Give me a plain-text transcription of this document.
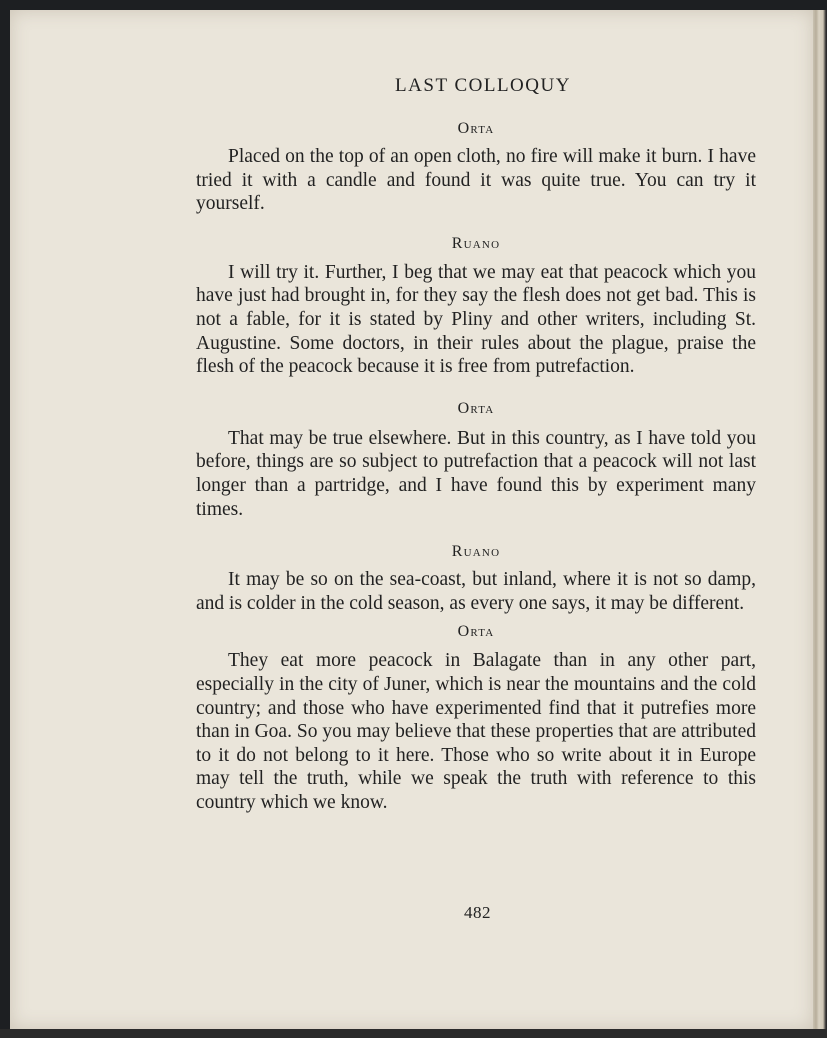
LAST COLLOQUY
Orta

Placed on the top of an open cloth, no fire will make it burn. I have tried it with a candle and found it was quite true. You can try it yourself.

Ruano

I will try it. Further, I beg that we may eat that peacock which you have just had brought in, for they say the flesh does not get bad. This is not a fable, for it is stated by Pliny and other writers, including St. Augustine. Some doctors, in their rules about the plague, praise the flesh of the peacock because it is free from putrefaction.

Orta

That may be true elsewhere. But in this country, as I have told you before, things are so subject to putrefaction that a peacock will not last longer than a partridge, and I have found this by experiment many times.

Ruano

It may be so on the sea-coast, but inland, where it is not so damp, and is colder in the cold season, as every one says, it may be different.

Orta

They eat more peacock in Balagate than in any other part, especially in the city of Juner, which is near the mountains and the cold country; and those who have experimented find that it putrefies more than in Goa. So you may believe that these properties that are attributed to it do not belong to it here. Those who so write about it in Europe may tell the truth, while we speak the truth with reference to this country which we know.

482
